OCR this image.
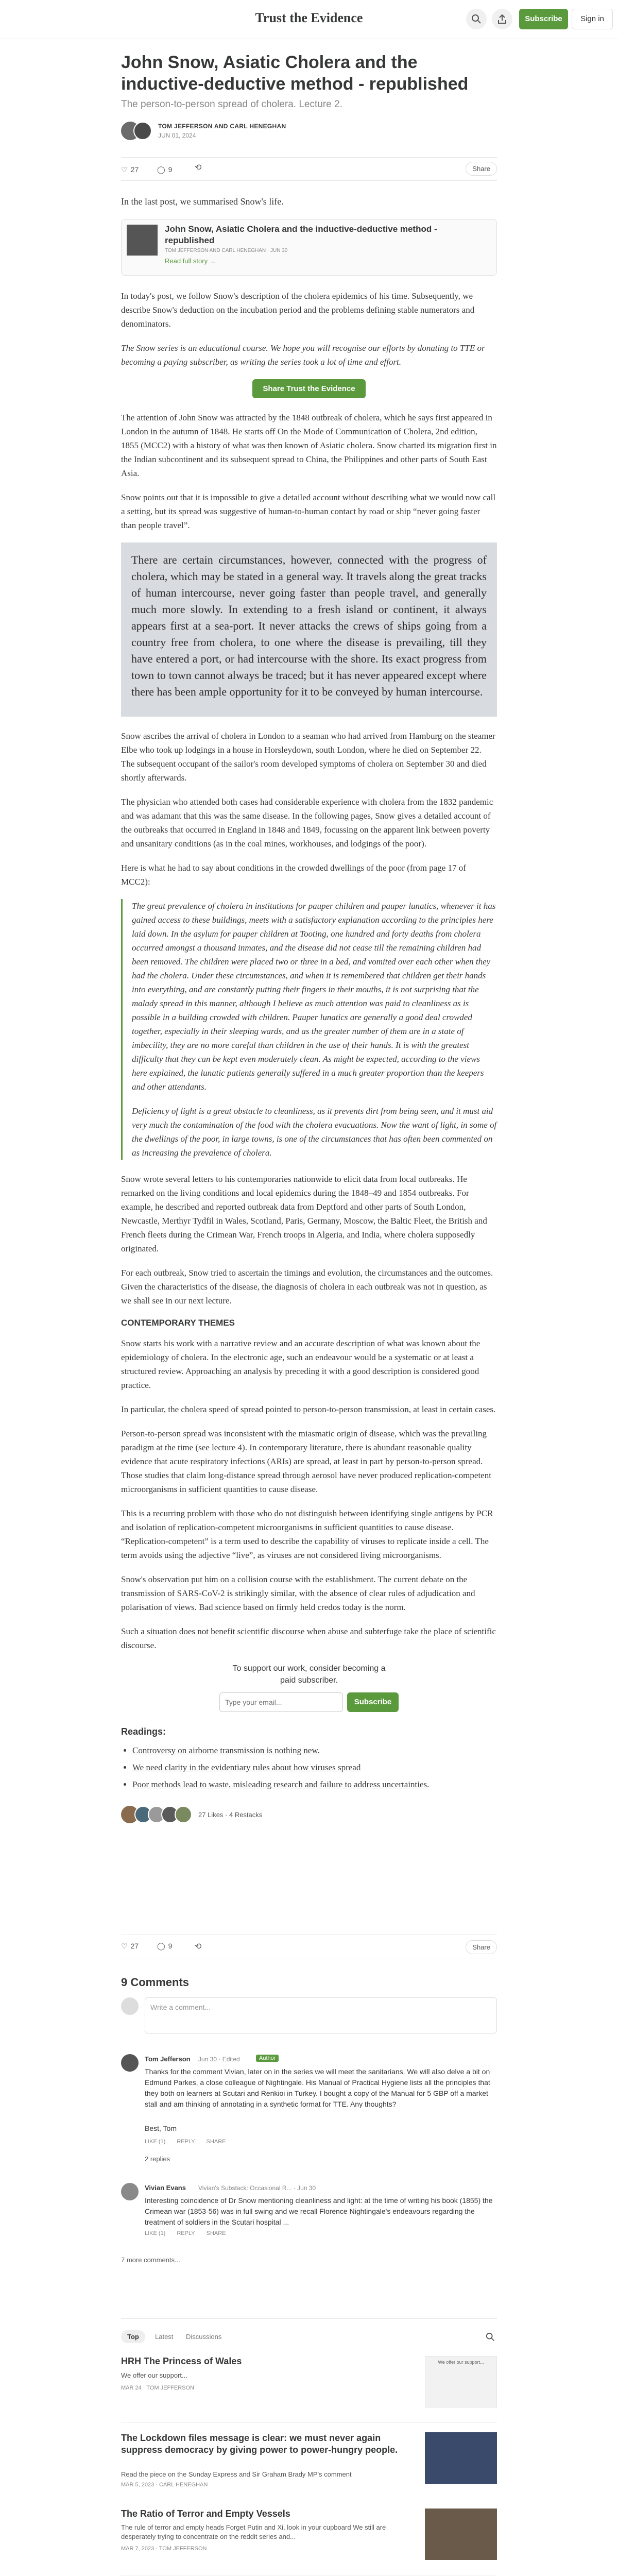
Trust the Evidence	Subscribe	Sign in
John Snow, Asiatic Cholera and the inductive-deductive method - republished
The person-to-person spread of cholera. Lecture 2.
TOM JEFFERSON AND CARL HENEGHAN
JUN 01, 2024
♡ 27	◯ 9	⟲	Share
In the last post, we summarised Snow's life.
John Snow, Asiatic Cholera and the inductive-deductive method - republished
TOM JEFFERSON AND CARL HENEGHAN · JUN 30
Read full story →
In today's post, we follow Snow's description of the cholera epidemics of his time. Subsequently, we describe Snow's deduction on the incubation period and the problems defining stable numerators and denominators.
The Snow series is an educational course. We hope you will recognise our efforts by donating to TTE or becoming a paying subscriber, as writing the series took a lot of time and effort.
Share Trust the Evidence
The attention of John Snow was attracted by the 1848 outbreak of cholera, which he says first appeared in London in the autumn of 1848. He starts off On the Mode of Communication of Cholera, 2nd edition, 1855 (MCC2) with a history of what was then known of Asiatic cholera. Snow charted its migration first in the Indian subcontinent and its subsequent spread to China, the Philippines and other parts of South East Asia.
Snow points out that it is impossible to give a detailed account without describing what we would now call a setting, but its spread was suggestive of human-to-human contact by road or ship “never going faster than people travel”.
There are certain circumstances, however, connected with the progress of cholera, which may be stated in a general way. It travels along the great tracks of human intercourse, never going faster than people travel, and generally much more slowly. In extending to a fresh island or continent, it always appears first at a sea-port. It never attacks the crews of ships going from a country free from cholera, to one where the disease is prevailing, till they have entered a port, or had intercourse with the shore. Its exact progress from town to town cannot always be traced; but it has never appeared except where there has been ample opportunity for it to be conveyed by human intercourse.
Snow ascribes the arrival of cholera in London to a seaman who had arrived from Hamburg on the steamer Elbe who took up lodgings in a house in Horsleydown, south London, where he died on September 22. The subsequent occupant of the sailor's room developed symptoms of cholera on September 30 and died shortly afterwards.
The physician who attended both cases had considerable experience with cholera from the 1832 pandemic and was adamant that this was the same disease. In the following pages, Snow gives a detailed account of the outbreaks that occurred in England in 1848 and 1849, focussing on the apparent link between poverty and unsanitary conditions (as in the coal mines, workhouses, and lodgings of the poor).
Here is what he had to say about conditions in the crowded dwellings of the poor (from page 17 of MCC2):
The great prevalence of cholera in institutions for pauper children and pauper lunatics, whenever it has gained access to these buildings, meets with a satisfactory explanation according to the principles here laid down. In the asylum for pauper children at Tooting, one hundred and forty deaths from cholera occurred amongst a thousand inmates, and the disease did not cease till the remaining children had been removed. The children were placed two or three in a bed, and vomited over each other when they had the cholera. Under these circumstances, and when it is remembered that children get their hands into everything, and are constantly putting their fingers in their mouths, it is not surprising that the malady spread in this manner, although I believe as much attention was paid to cleanliness as is possible in a building crowded with children. Pauper lunatics are generally a good deal crowded together, especially in their sleeping wards, and as the greater number of them are in a state of imbecility, they are no more careful than children in the use of their hands. It is with the greatest difficulty that they can be kept even moderately clean. As might be expected, according to the views here explained, the lunatic patients generally suffered in a much greater proportion than the keepers and other attendants.
Deficiency of light is a great obstacle to cleanliness, as it prevents dirt from being seen, and it must aid very much the contamination of the food with the cholera evacuations. Now the want of light, in some of the dwellings of the poor, in large towns, is one of the circumstances that has often been commented on as increasing the prevalence of cholera.
Snow wrote several letters to his contemporaries nationwide to elicit data from local outbreaks. He remarked on the living conditions and local epidemics during the 1848–49 and 1854 outbreaks. For example, he described and reported outbreak data from Deptford and other parts of South London, Newcastle, Merthyr Tydfil in Wales, Scotland, Paris, Germany, Moscow, the Baltic Fleet, the British and French fleets during the Crimean War, French troops in Algeria, and India, where cholera supposedly originated.
For each outbreak, Snow tried to ascertain the timings and evolution, the circumstances and the outcomes. Given the characteristics of the disease, the diagnosis of cholera in each outbreak was not in question, as we shall see in our next lecture.
CONTEMPORARY THEMES
Snow starts his work with a narrative review and an accurate description of what was known about the epidemiology of cholera. In the electronic age, such an endeavour would be a systematic or at least a structured review. Approaching an analysis by preceding it with a good description is considered good practice.
In particular, the cholera speed of spread pointed to person-to-person transmission, at least in certain cases.
Person-to-person spread was inconsistent with the miasmatic origin of disease, which was the prevailing paradigm at the time (see lecture 4). In contemporary literature, there is abundant reasonable quality evidence that acute respiratory infections (ARIs) are spread, at least in part by person-to-person spread. Those studies that claim long-distance spread through aerosol have never produced replication-competent microorganisms in sufficient quantities to cause disease.
This is a recurring problem with those who do not distinguish between identifying single antigens by PCR and isolation of replication-competent microorganisms in sufficient quantities to cause disease. “Replication-competent” is a term used to describe the capability of viruses to replicate inside a cell. The term avoids using the adjective “live”, as viruses are not considered living microorganisms.
Snow's observation put him on a collision course with the establishment. The current debate on the transmission of SARS-CoV-2 is strikingly similar, with the absence of clear rules of adjudication and polarisation of views. Bad science based on firmly held credos today is the norm.
Such a situation does not benefit scientific discourse when abuse and subterfuge take the place of scientific discourse.
To support our work, consider becoming a paid subscriber.
Type your email...
Subscribe
Readings:
• Controversy on airborne transmission is nothing new.
• We need clarity in the evidentiary rules about how viruses spread
• Poor methods lead to waste, misleading research and failure to address uncertainties.
27 Likes · 4 Restacks
♡ 27	◯ 9	⟲	Share
9 Comments
Write a comment...
Tom Jefferson Jun 30 · Edited	Author
Thanks for the comment Vivian, later on in the series we will meet the sanitarians. We will also delve a bit on Edmund Parkes, a close colleague of Nightingale. His Manual of Practical Hygiene lists all the principles that they both on learners at Scutari and Renkioi in Turkey. I bought a copy of the Manual for 5 GBP off a market stall and am thinking of annotating in a synthetic format for TTE. Any thoughts?
Best, Tom
LIKE (1) REPLY SHARE
2 replies
Vivian Evans Vivian's Substack: Occasional R... · Jun 30
Interesting coincidence of Dr Snow mentioning cleanliness and light: at the time of writing his book (1855) the Crimean war (1853-56) was in full swing and we recall Florence Nightingale's endeavours regarding the treatment of soldiers in the Scutari hospital ...
LIKE (1) REPLY SHARE
7 more comments...
Top	Latest Discussions
HRH The Princess of Wales
We offer our support...
MAR 24 · TOM JEFFERSON
We offer our support...
The Lockdown files message is clear: we must never again suppress democracy by giving power to power-hungry people.
Read the piece on the Sunday Express and Sir Graham Brady MP's comment
MAR 5, 2023 · CARL HENEGHAN
The Ratio of Terror and Empty Vessels
The rule of terror and empty heads Forget Putin and Xi, look in your cupboard We still are desperately trying to concentrate on the reddit series and...
MAR 7, 2023 · TOM JEFFERSON
